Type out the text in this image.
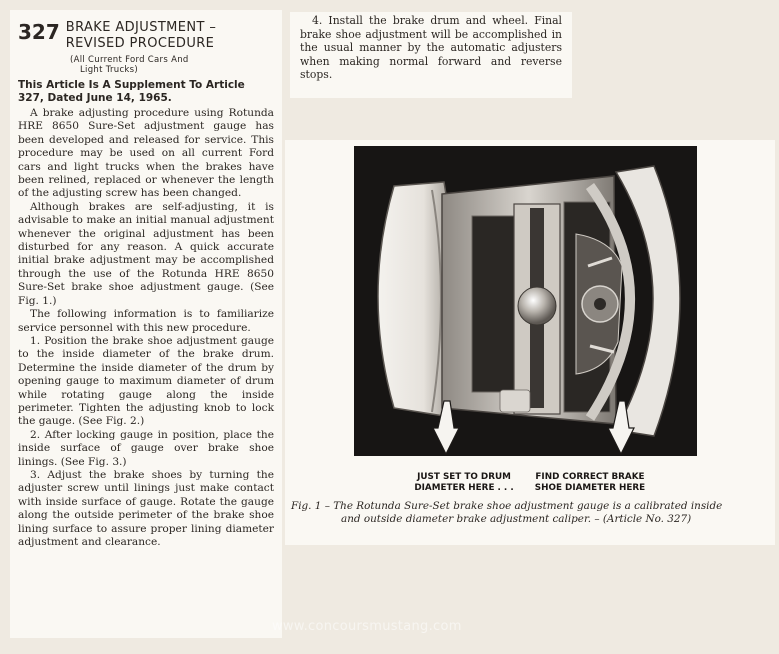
327 BRAKE ADJUSTMENT –
REVISED PROCEDURE
(All Current Ford Cars And
Light Trucks)
This Article Is A Supplement To Article
327, Dated June 14, 1965.

A brake adjusting procedure using Rotunda HRE 8650 Sure-Set adjustment gauge has been developed and released for service. This procedure may be used on all current Ford cars and light trucks when the brakes have been relined, replaced or whenever the length of the adjusting screw has been changed.

Although brakes are self-adjusting, it is advisable to make an initial manual adjustment whenever the original adjustment has been disturbed for any reason. A quick accurate initial brake adjustment may be accomplished through the use of the Rotunda HRE 8650 Sure-Set brake shoe adjustment gauge. (See Fig. 1.)

The following information is to familiarize service personnel with this new procedure.

1. Position the brake shoe adjustment gauge to the inside diameter of the brake drum. Determine the inside diameter of the drum by opening gauge to maximum diameter of drum while rotating gauge along the inside perimeter. Tighten the adjusting knob to lock the gauge. (See Fig. 2.)

2. After locking gauge in position, place the inside surface of gauge over brake shoe linings. (See Fig. 3.)

3. Adjust the brake shoes by turning the adjuster screw until linings just make contact with inside surface of gauge. Rotate the gauge along the outside perimeter of the brake shoe lining surface to assure proper lining diameter adjustment and clearance.

4. Install the brake drum and wheel. Final brake shoe adjustment will be accomplished in the usual manner by the automatic adjusters when making normal forward and reverse stops.

JUST SET TO DRUM
DIAMETER HERE . . .
FIND CORRECT BRAKE
SHOE DIAMETER HERE
Fig. 1 – The Rotunda Sure-Set brake shoe adjustment gauge is a calibrated inside
and outside diameter brake adjustment caliper. – (Article No. 327)
www.concoursmustang.com
